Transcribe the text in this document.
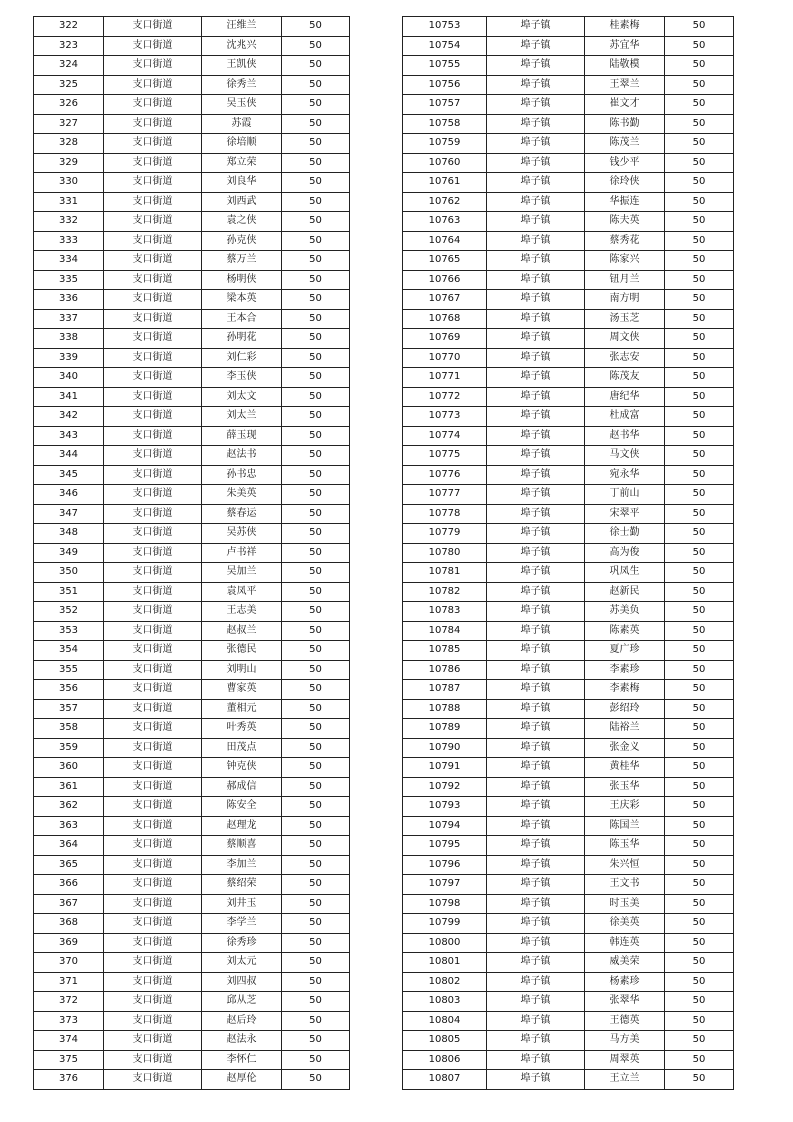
322	支口街道	汪维兰	50
323	支口街道	沈兆兴	50
324	支口街道	王凯侠	50
325	支口街道	徐秀兰	50
326	支口街道	吴玉侠	50
327	支口街道	苏霞	50
328	支口街道	徐培顺	50
329	支口街道	郑立荣	50
330	支口街道	刘良华	50
331	支口街道	刘西武	50
332	支口街道	袁之侠	50
333	支口街道	孙克侠	50
334	支口街道	蔡万兰	50
335	支口街道	杨明侠	50
336	支口街道	梁本英	50
337	支口街道	王本合	50
338	支口街道	孙明花	50
339	支口街道	刘仁彩	50
340	支口街道	李玉侠	50
341	支口街道	刘太文	50
342	支口街道	刘太兰	50
343	支口街道	薛玉现	50
344	支口街道	赵法书	50
345	支口街道	孙书忠	50
346	支口街道	朱美英	50
347	支口街道	蔡春运	50
348	支口街道	吴苏侠	50
349	支口街道	卢书祥	50
350	支口街道	吴加兰	50
351	支口街道	袁凤平	50
352	支口街道	王志美	50
353	支口街道	赵叔兰	50
354	支口街道	张德民	50
355	支口街道	刘明山	50
356	支口街道	曹家英	50
357	支口街道	董相元	50
358	支口街道	叶秀英	50
359	支口街道	田茂点	50
360	支口街道	钟克侠	50
361	支口街道	郝成信	50
362	支口街道	陈安全	50
363	支口街道	赵理龙	50
364	支口街道	蔡顺喜	50
365	支口街道	李加兰	50
366	支口街道	蔡绍荣	50
367	支口街道	刘井玉	50
368	支口街道	李学兰	50
369	支口街道	徐秀珍	50
370	支口街道	刘太元	50
371	支口街道	刘四叔	50
372	支口街道	邱从芝	50
373	支口街道	赵后玲	50
374	支口街道	赵法永	50
375	支口街道	李怀仁	50
376	支口街道	赵厚伦	50
10753	埠子镇	桂素梅	50
10754	埠子镇	苏宜华	50
10755	埠子镇	陆敬模	50
10756	埠子镇	王翠兰	50
10757	埠子镇	崔文才	50
10758	埠子镇	陈书勤	50
10759	埠子镇	陈茂兰	50
10760	埠子镇	钱少平	50
10761	埠子镇	徐玲侠	50
10762	埠子镇	华振连	50
10763	埠子镇	陈夫英	50
10764	埠子镇	蔡秀花	50
10765	埠子镇	陈家兴	50
10766	埠子镇	钮月兰	50
10767	埠子镇	南方明	50
10768	埠子镇	汤玉芝	50
10769	埠子镇	周文侠	50
10770	埠子镇	张志安	50
10771	埠子镇	陈茂友	50
10772	埠子镇	唐纪华	50
10773	埠子镇	杜成富	50
10774	埠子镇	赵书华	50
10775	埠子镇	马文侠	50
10776	埠子镇	宛永华	50
10777	埠子镇	丁前山	50
10778	埠子镇	宋翠平	50
10779	埠子镇	徐士勤	50
10780	埠子镇	高为俊	50
10781	埠子镇	巩凤生	50
10782	埠子镇	赵新民	50
10783	埠子镇	苏美负	50
10784	埠子镇	陈素英	50
10785	埠子镇	夏广珍	50
10786	埠子镇	李素珍	50
10787	埠子镇	李素梅	50
10788	埠子镇	彭绍玲	50
10789	埠子镇	陆裕兰	50
10790	埠子镇	张金义	50
10791	埠子镇	黄桂华	50
10792	埠子镇	张玉华	50
10793	埠子镇	王庆彩	50
10794	埠子镇	陈国兰	50
10795	埠子镇	陈玉华	50
10796	埠子镇	朱兴恒	50
10797	埠子镇	王文书	50
10798	埠子镇	时玉美	50
10799	埠子镇	徐美英	50
10800	埠子镇	韩连英	50
10801	埠子镇	威美荣	50
10802	埠子镇	杨素珍	50
10803	埠子镇	张翠华	50
10804	埠子镇	王德英	50
10805	埠子镇	马方美	50
10806	埠子镇	周翠英	50
10807	埠子镇	王立兰	50
